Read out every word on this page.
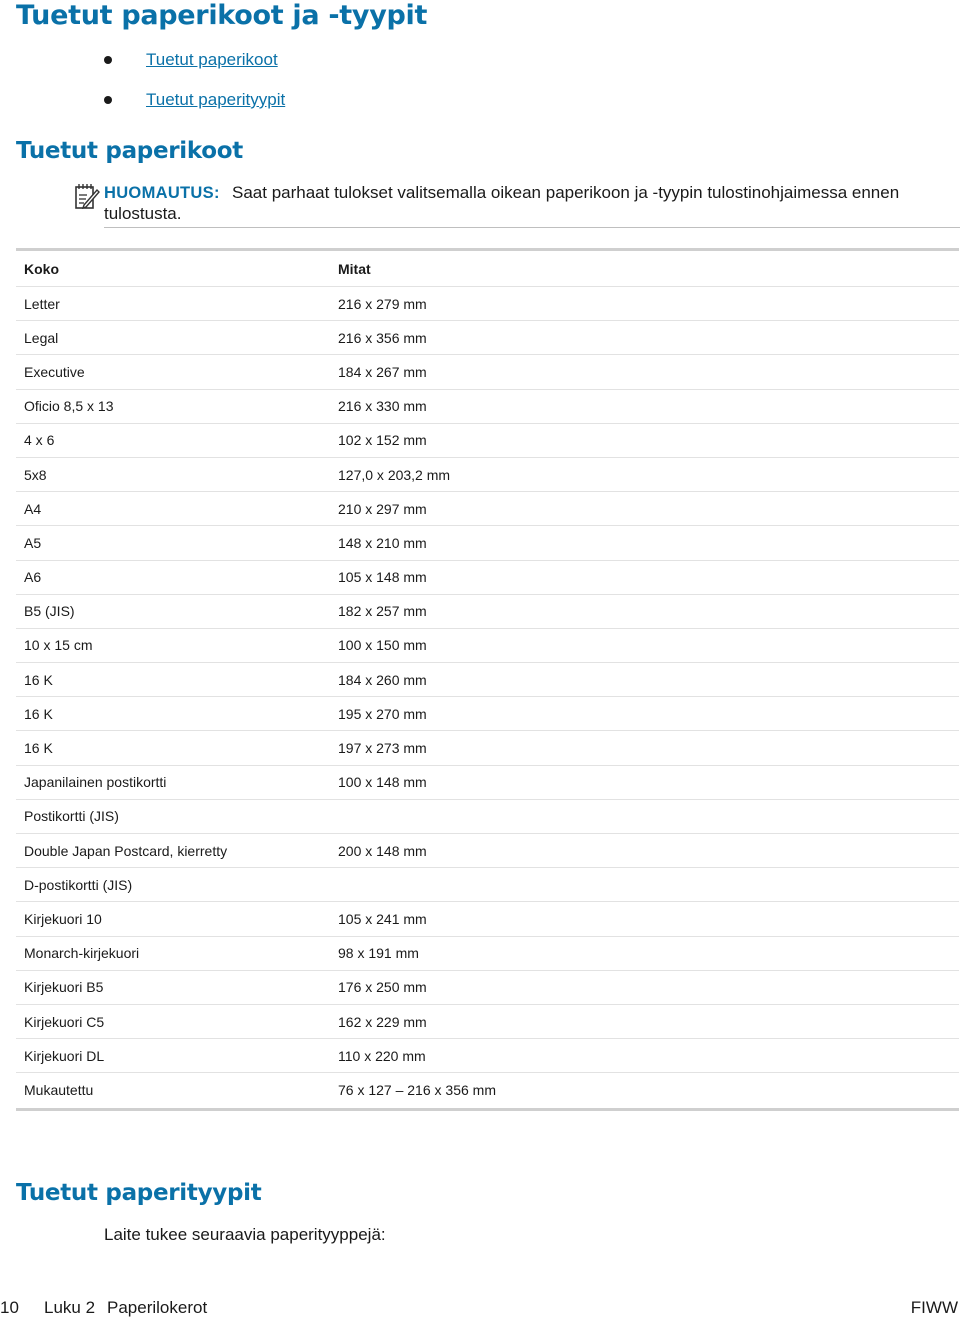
Tuetut paperikoot ja -tyypit
Tuetut paperikoot
Tuetut paperityypit
Tuetut paperikoot
HUOMAUTUS: Saat parhaat tulokset valitsemalla oikean paperikoon ja -tyypin tulostinohjaimessa ennen tulostusta.
Koko	Mitat
Letter	216 x 279 mm
Legal	216 x 356 mm
Executive	184 x 267 mm
Oficio 8,5 x 13	216 x 330 mm
4 x 6	102 x 152 mm
5x8	127,0 x 203,2 mm
A4	210 x 297 mm
A5	148 x 210 mm
A6	105 x 148 mm
B5 (JIS)	182 x 257 mm
10 x 15 cm	100 x 150 mm
16 K	184 x 260 mm
16 K	195 x 270 mm
16 K	197 x 273 mm
Japanilainen postikortti	100 x 148 mm
Postikortti (JIS)
Double Japan Postcard, kierretty	200 x 148 mm
D-postikortti (JIS)
Kirjekuori 10	105 x 241 mm
Monarch-kirjekuori	98 x 191 mm
Kirjekuori B5	176 x 250 mm
Kirjekuori C5	162 x 229 mm
Kirjekuori DL	110 x 220 mm
Mukautettu	76 x 127 – 216 x 356 mm
Tuetut paperityypit
Laite tukee seuraavia paperityyppejä:
10 Luku 2 Paperilokerot	FIWW
